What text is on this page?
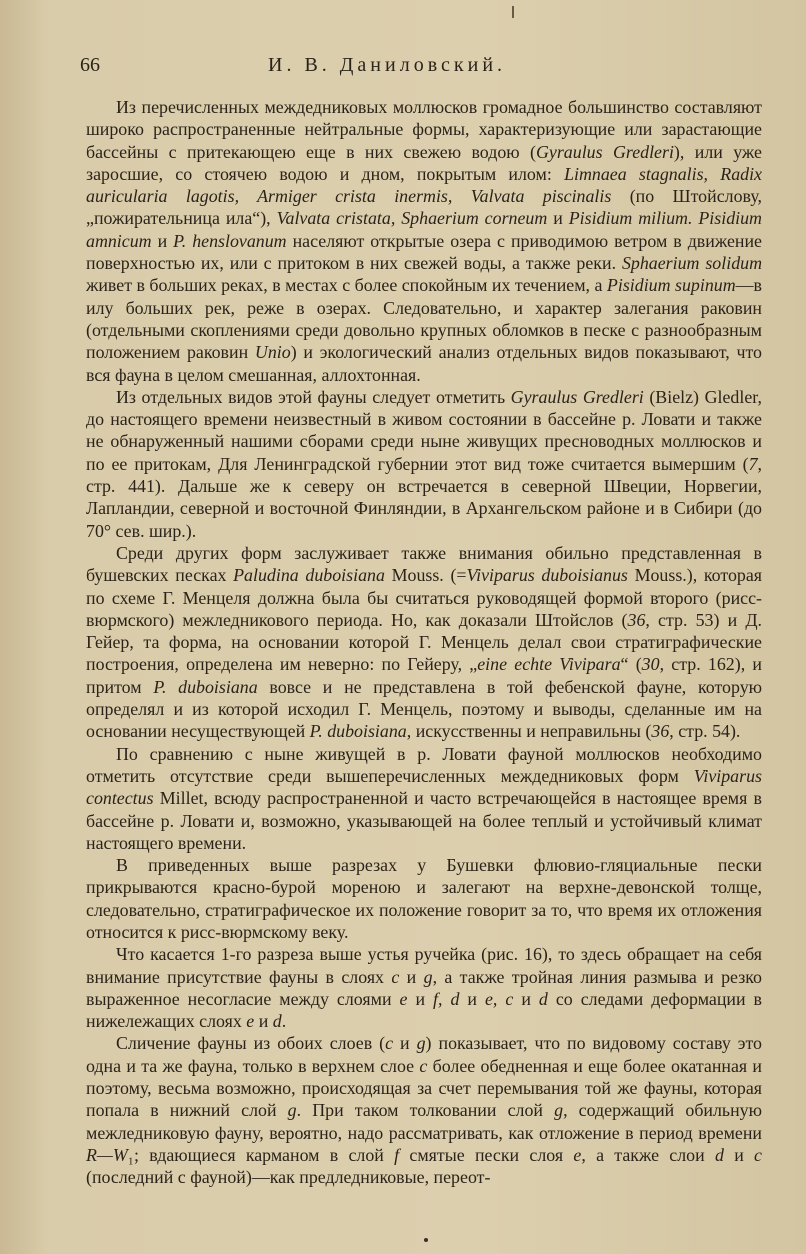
66	И. В. Даниловский.

Из перечисленных междедниковых моллюсков громадное большинство составляют широко распространенные нейтральные формы, характеризующие или зарастающие бассейны с притекающею еще в них свежею водою (Gyraulus Gredleri), или уже заросшие, со стоячею водою и дном, покрытым илом: Limnaea stagnalis, Radix auricularia lagotis, Armiger crista inermis, Valvata piscinalis (по Штойслову, „пожирательница ила“), Valvata cristata, Sphaerium corneum и Pisidium milium. Pisidium amnicum и P. henslovanum населяют открытые озера с приводимою ветром в движение поверхностью их, или с притоком в них свежей воды, а также реки. Sphaerium solidum живет в больших реках, в местах с более спокойным их течением, а Pisidium supinum—в илу больших рек, реже в озерах. Следовательно, и характер залегания раковин (отдельными скоплениями среди довольно крупных обломков в песке с разнообразным положением раковин Unio) и экологический анализ отдельных видов показывают, что вся фауна в целом смешанная, аллохтонная.

Из отдельных видов этой фауны следует отметить Gyraulus Gredleri (Bielz) Gledler, до настоящего времени неизвестный в живом состоянии в бассейне р. Ловати и также не обнаруженный нашими сборами среди ныне живущих пресноводных моллюсков и по ее притокам, Для Ленинградской губернии этот вид тоже считается вымершим (7, стр. 441). Дальше же к северу он встречается в северной Швеции, Норвегии, Лапландии, северной и восточной Финляндии, в Архангельском районе и в Сибири (до 70° сев. шир.).

Среди других форм заслуживает также внимания обильно представленная в бушевских песках Paludina duboisiana Mouss. (=Viviparus duboisianus Mouss.), которая по схеме Г. Менцеля должна была бы считаться руководящей формой второго (рисс-вюрмского) межледникового периода. Но, как доказали Штойслов (36, стр. 53) и Д. Гейер, та форма, на основании которой Г. Менцель делал свои стратиграфические построения, определена им неверно: по Гейеру, „eine echte Vivipara“ (30, стр. 162), и притом P. duboisiana вовсе и не представлена в той фебенской фауне, которую определял и из которой исходил Г. Менцель, поэтому и выводы, сделанные им на основании несуществующей P. duboisiana, искусственны и неправильны (36, стр. 54).

По сравнению с ныне живущей в р. Ловати фауной моллюсков необходимо отметить отсутствие среди вышеперечисленных междедниковых форм Viviparus contectus Millet, всюду распространенной и часто встречающейся в настоящее время в бассейне р. Ловати и, возможно, указывающей на более теплый и устойчивый климат настоящего времени.

В приведенных выше разрезах у Бушевки флювио-гляциальные пески прикрываются красно-бурой мореною и залегают на верхне-девонской толще, следовательно, стратиграфическое их положение говорит за то, что время их отложения относится к рисс-вюрмскому веку.

Что касается 1-го разреза выше устья ручейка (рис. 16), то здесь обращает на себя внимание присутствие фауны в слоях c и g, а также тройная линия размыва и резко выраженное несогласие между слоями e и f, d и e, c и d со следами деформации в нижележащих слоях e и d.

Сличение фауны из обоих слоев (c и g) показывает, что по видовому составу это одна и та же фауна, только в верхнем слое c более обедненная и еще более окатанная и поэтому, весьма возможно, происходящая за счет перемывания той же фауны, которая попала в нижний слой g. При таком толковании слой g, содержащий обильную межледниковую фауну, вероятно, надо рассматривать, как отложение в период времени R—W₁; вдающиеся карманом в слой f смятые пески слоя e, а также слои d и c (последний с фауной)—как предледниковые, переот-
